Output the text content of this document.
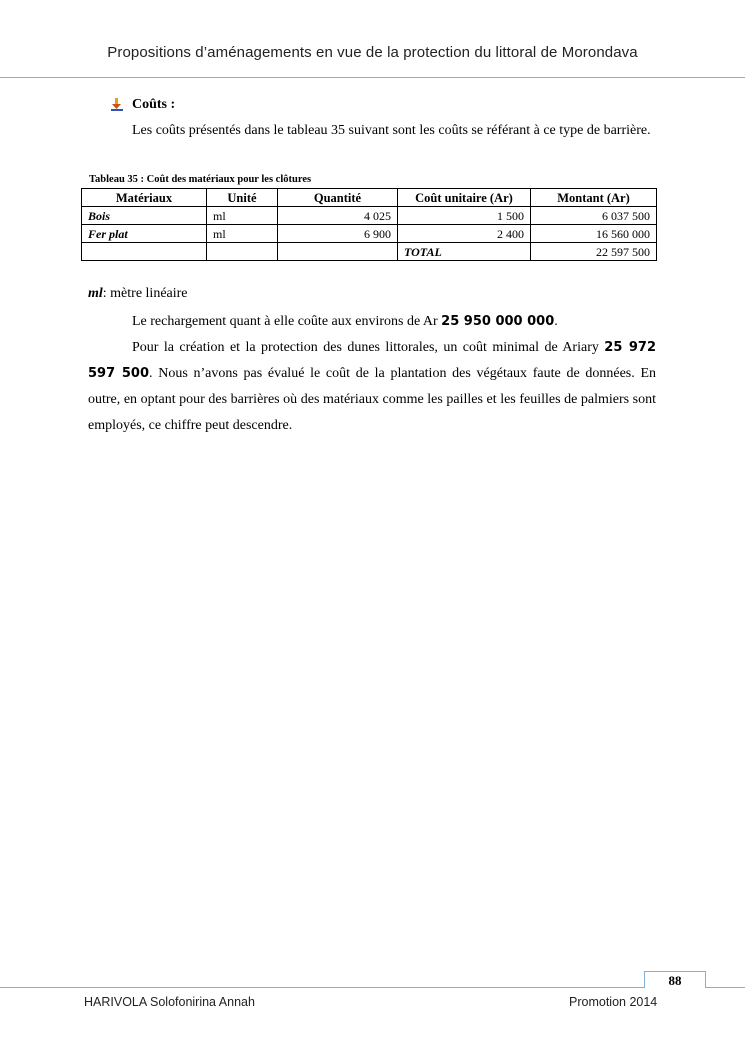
Propositions d’aménagements en vue de la protection du littoral de Morondava
Coûts :

Les coûts présentés dans le tableau 35 suivant sont les coûts se référant à ce type de barrière.

Tableau 35 : Coût des matériaux pour les clôtures
Matériaux	Unité	Quantité	Coût unitaire (Ar)	Montant (Ar)
Bois	ml	4 025	1 500	6 037 500
Fer plat	ml	6 900	2 400	16 560 000
			TOTAL	22 597 500
ml: mètre linéaire

Le rechargement quant à elle coûte aux environs de Ar 25 950 000 000.

Pour la création et la protection des dunes littorales, un coût minimal de Ariary 25 972 597 500. Nous n’avons pas évalué le coût de la plantation des végétaux faute de données. En outre, en optant pour des barrières où des matériaux comme les pailles et les feuilles de palmiers sont employés, ce chiffre peut descendre.

88
HARIVOLA Solofonirina Annah	Promotion 2014
